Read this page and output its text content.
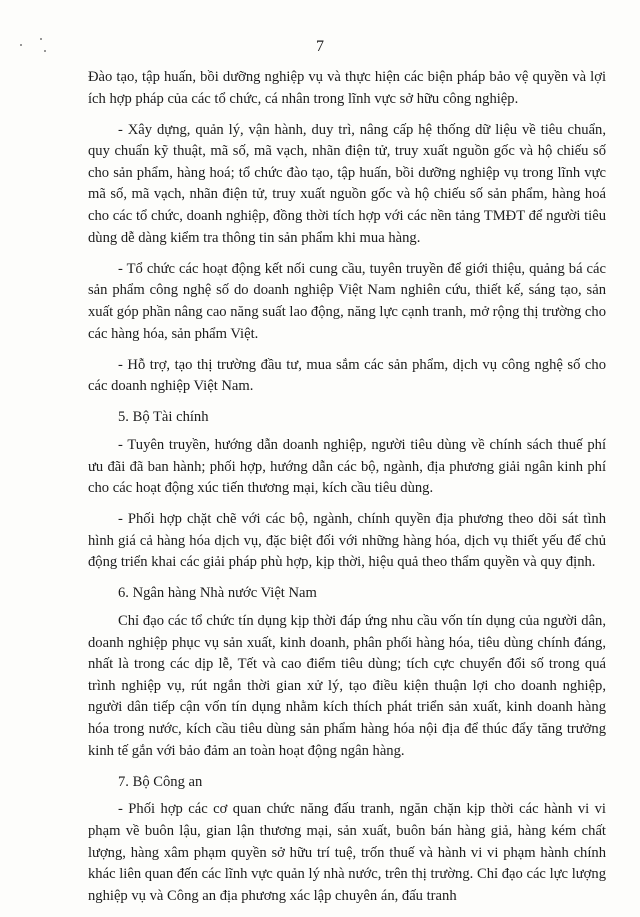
7

Đào tạo, tập huấn, bồi dưỡng nghiệp vụ và thực hiện các biện pháp bảo vệ quyền và lợi ích hợp pháp của các tổ chức, cá nhân trong lĩnh vực sở hữu công nghiệp.

- Xây dựng, quản lý, vận hành, duy trì, nâng cấp hệ thống dữ liệu về tiêu chuẩn, quy chuẩn kỹ thuật, mã số, mã vạch, nhãn điện tử, truy xuất nguồn gốc và hộ chiếu số cho sản phẩm, hàng hoá; tổ chức đào tạo, tập huấn, bồi dưỡng nghiệp vụ trong lĩnh vực mã số, mã vạch, nhãn điện tử, truy xuất nguồn gốc và hộ chiếu số sản phẩm, hàng hoá cho các tổ chức, doanh nghiệp, đồng thời tích hợp với các nền tảng TMĐT để người tiêu dùng dễ dàng kiểm tra thông tin sản phẩm khi mua hàng.

- Tổ chức các hoạt động kết nối cung cầu, tuyên truyền để giới thiệu, quảng bá các sản phẩm công nghệ số do doanh nghiệp Việt Nam nghiên cứu, thiết kế, sáng tạo, sản xuất góp phần nâng cao năng suất lao động, năng lực cạnh tranh, mở rộng thị trường cho các hàng hóa, sản phẩm Việt.

- Hỗ trợ, tạo thị trường đầu tư, mua sắm các sản phẩm, dịch vụ công nghệ số cho các doanh nghiệp Việt Nam.

5. Bộ Tài chính

- Tuyên truyền, hướng dẫn doanh nghiệp, người tiêu dùng về chính sách thuế phí ưu đãi đã ban hành; phối hợp, hướng dẫn các bộ, ngành, địa phương giải ngân kinh phí cho các hoạt động xúc tiến thương mại, kích cầu tiêu dùng.

- Phối hợp chặt chẽ với các bộ, ngành, chính quyền địa phương theo dõi sát tình hình giá cả hàng hóa dịch vụ, đặc biệt đối với những hàng hóa, dịch vụ thiết yếu để chủ động triển khai các giải pháp phù hợp, kịp thời, hiệu quả theo thẩm quyền và quy định.

6. Ngân hàng Nhà nước Việt Nam

Chỉ đạo các tổ chức tín dụng kịp thời đáp ứng nhu cầu vốn tín dụng của người dân, doanh nghiệp phục vụ sản xuất, kinh doanh, phân phối hàng hóa, tiêu dùng chính đáng, nhất là trong các dịp lễ, Tết và cao điểm tiêu dùng; tích cực chuyển đổi số trong quá trình nghiệp vụ, rút ngắn thời gian xử lý, tạo điều kiện thuận lợi cho doanh nghiệp, người dân tiếp cận vốn tín dụng nhằm kích thích phát triển sản xuất, kinh doanh hàng hóa trong nước, kích cầu tiêu dùng sản phẩm hàng hóa nội địa để thúc đẩy tăng trưởng kinh tế gắn với bảo đảm an toàn hoạt động ngân hàng.

7. Bộ Công an

- Phối hợp các cơ quan chức năng đấu tranh, ngăn chặn kịp thời các hành vi vi phạm về buôn lậu, gian lận thương mại, sản xuất, buôn bán hàng giả, hàng kém chất lượng, hàng xâm phạm quyền sở hữu trí tuệ, trốn thuế và hành vi vi phạm hành chính khác liên quan đến các lĩnh vực quản lý nhà nước, trên thị trường. Chỉ đạo các lực lượng nghiệp vụ và Công an địa phương xác lập chuyên án, đấu tranh
